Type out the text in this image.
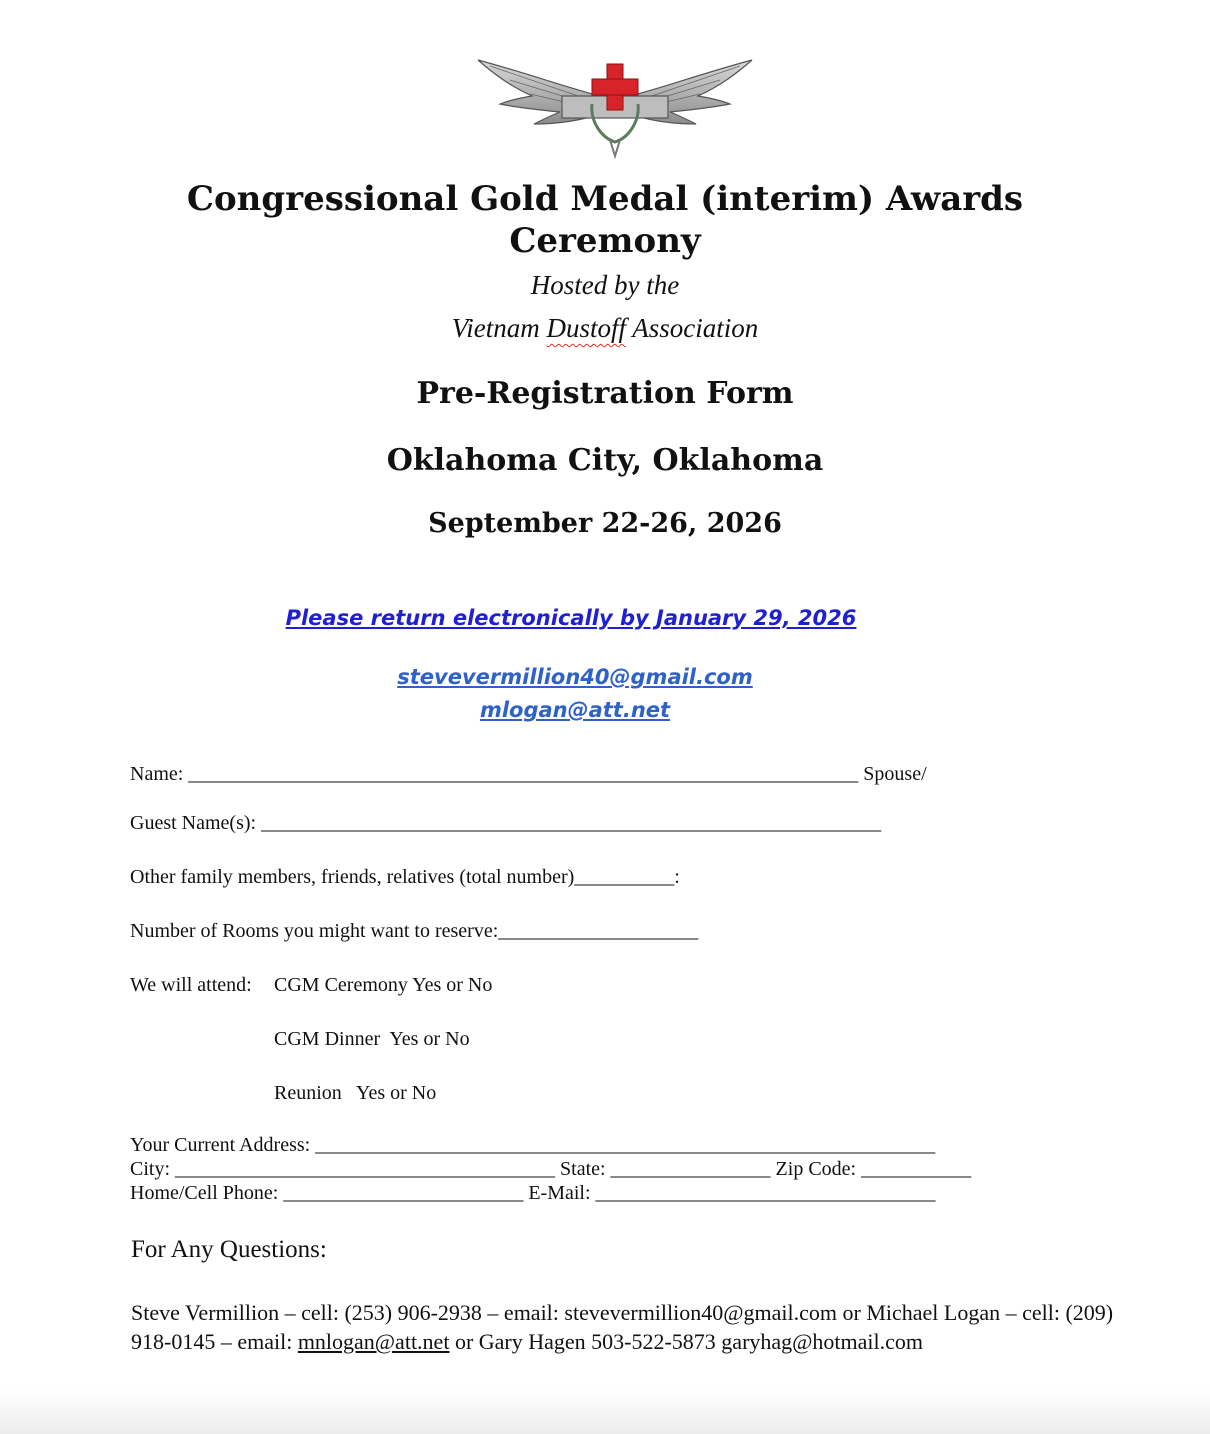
Congressional Gold Medal (interim) Awards
Ceremony
Hosted by the
Vietnam Dustoff Association
Pre-Registration Form
Oklahoma City, Oklahoma
September 22-26, 2026
Please return electronically by January 29, 2026
stevevermillion40@gmail.com
mlogan@att.net
Name: ___________________________________________________________________ Spouse/
Guest Name(s): ______________________________________________________________
Other family members, friends, relatives (total number)__________:
Number of Rooms you might want to reserve:____________________
We will attend: CGM Ceremony Yes or No
CGM Dinner  Yes or No
Reunion   Yes or No
Your Current Address: ______________________________________________________________
City: ______________________________________ State: ________________ Zip Code: ___________
Home/Cell Phone: ________________________ E-Mail: __________________________________
For Any Questions:
Steve Vermillion – cell: (253) 906-2938 – email: stevevermillion40@gmail.com or Michael Logan – cell: (209) 918-0145 – email: mnlogan@att.net or Gary Hagen 503-522-5873 garyhag@hotmail.com
